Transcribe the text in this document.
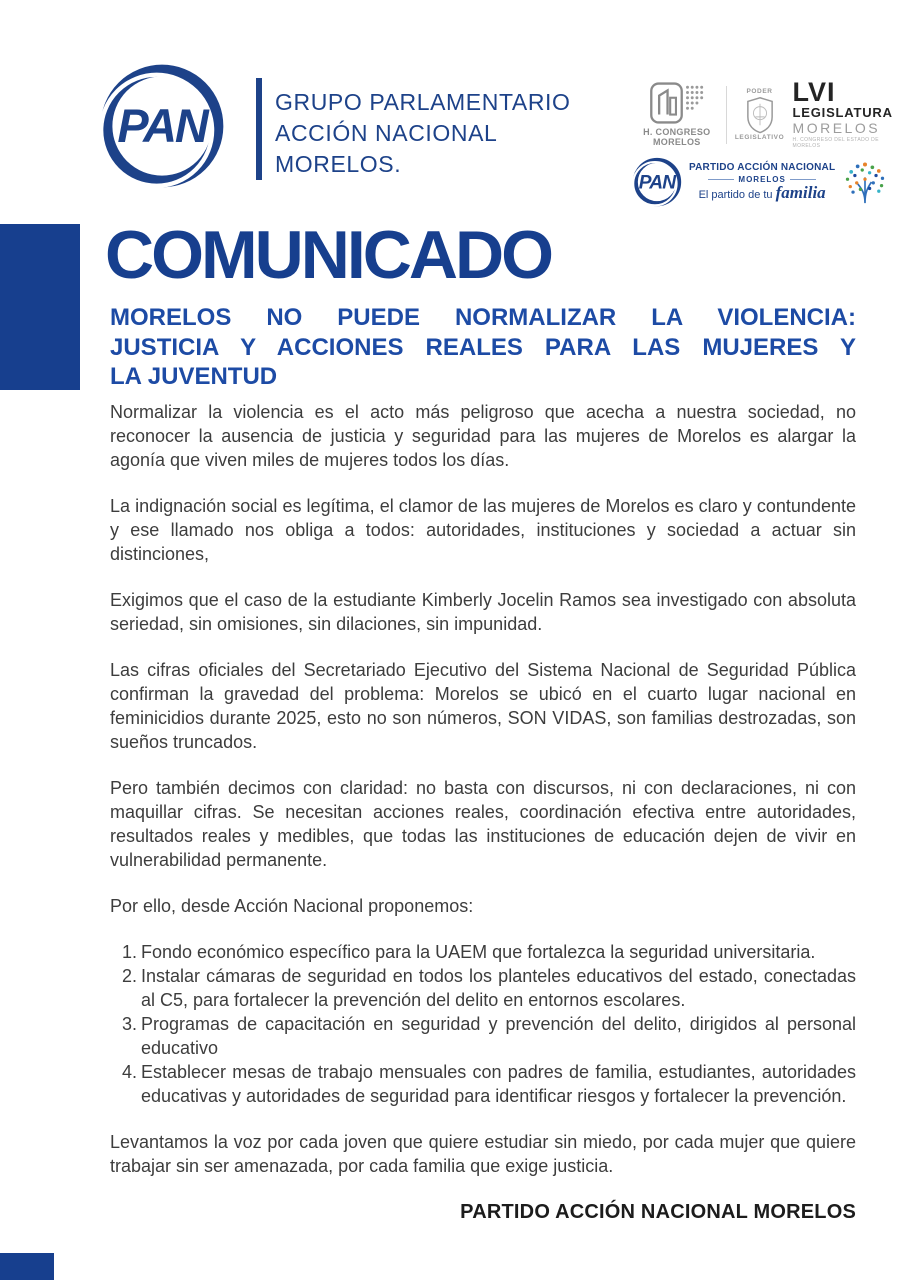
PAN	GRUPO PARLAMENTARIO
ACCIÓN NACIONAL
MORELOS.
H. CONGRESO
MORELOS
PODER
LEGISLATIVO
LVI
LEGISLATURA
MORELOS
H. CONGRESO DEL ESTADO DE MORELOS
PAN
PARTIDO ACCIÓN NACIONAL
MORELOS
El partido de tu familia
COMUNICADO
MORELOS NO PUEDE NORMALIZAR LA VIOLENCIA:
JUSTICIA Y ACCIONES REALES PARA LAS MUJERES Y
LA JUVENTUD

Normalizar la violencia es el acto más peligroso que acecha a nuestra sociedad, no reconocer la ausencia de justicia y seguridad para las mujeres de Morelos es alargar la agonía que viven miles de mujeres todos los días.

La indignación social es legítima, el clamor de las mujeres de Morelos es claro y contundente y ese llamado nos obliga a todos: autoridades, instituciones y sociedad a actuar sin distinciones,

Exigimos que el caso de la estudiante Kimberly Jocelin Ramos sea investigado con absoluta seriedad, sin omisiones, sin dilaciones, sin impunidad.

Las cifras oficiales del Secretariado Ejecutivo del Sistema Nacional de Seguridad Pública confirman la gravedad del problema: Morelos se ubicó en el cuarto lugar nacional en feminicidios durante 2025, esto no son números, SON VIDAS, son familias destrozadas, son sueños truncados.

Pero también decimos con claridad: no basta con discursos, ni con declaraciones, ni con maquillar cifras. Se necesitan acciones reales, coordinación efectiva entre autoridades, resultados reales y medibles, que todas las instituciones de educación dejen de vivir en vulnerabilidad permanente.

Por ello, desde Acción Nacional proponemos:

Fondo económico específico para la UAEM que fortalezca la seguridad universitaria.
Instalar cámaras de seguridad en todos los planteles educativos del estado, conectadas al C5, para fortalecer la prevención del delito en entornos escolares.
Programas de capacitación en seguridad y prevención del delito, dirigidos al personal educativo
Establecer mesas de trabajo mensuales con padres de familia, estudiantes, autoridades educativas y autoridades de seguridad para identificar riesgos y fortalecer la prevención.

Levantamos la voz por cada joven que quiere estudiar sin miedo, por cada mujer que quiere trabajar sin ser amenazada, por cada familia que exige justicia.

PARTIDO ACCIÓN NACIONAL MORELOS
